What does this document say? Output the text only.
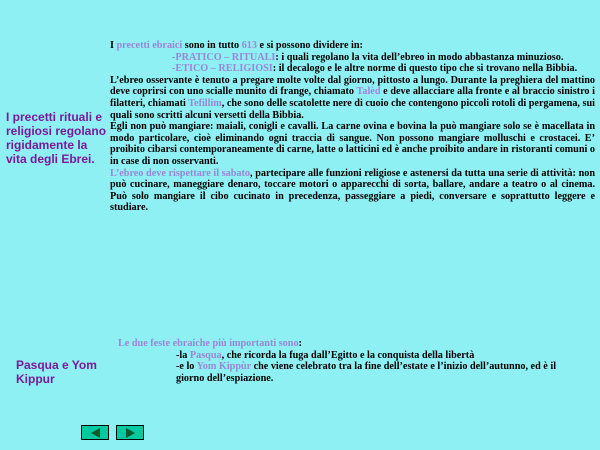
I precetti rituali e religiosi regolano rigidamente la vita degli Ebrei.
Pasqua e Yom Kippur

I precetti ebraici sono in tutto 613 e si possono dividere in:

-PRATICO – RITUALI: i quali regolano la vita dell’ebreo in modo abbastanza minuzioso.
-ETICO – RELIGIOSI: il decalogo e le altre norme di questo tipo che si trovano nella Bibbia.

L’ebreo osservante è tenuto a pregare molte volte dal giorno, pittosto a lungo. Durante la preghiera del mattino deve coprirsi con uno scialle munito di frange, chiamato Talèd e deve allacciare alla fronte e al braccio sinistro i filatteri, chiamati Tefillim, che sono delle scatolette nere di cuoio che contengono piccoli rotoli di pergamena, sui quali sono scritti alcuni versetti della Bibbia.

Egli non può mangiare: maiali, conigli e cavalli. La carne ovina e bovina la può mangiare solo se è macellata in modo particolare, cioè eliminando ogni traccia di sangue. Non possono mangiare molluschi e crostacei. E’ proibito cibarsi contemporaneamente di carne, latte o latticini ed è anche proibito andare in ristoranti comuni o in case di non osservanti.

L’ebreo deve rispettare il sabato, partecipare alle funzioni religiose e astenersi da tutta una serie di attività: non può cucinare, maneggiare denaro, toccare motori o apparecchi di sorta, ballare, andare a teatro o al cinema. Può solo mangiare il cibo cucinato in precedenza, passeggiare a piedi, conversare e soprattutto leggere e studiare.

Le due feste ebraiche più importanti sono:

-la Pasqua, che ricorda la fuga dall’Egitto e la conquista della libertà
-e lo Yom Kippùr che viene celebrato tra la fine dell’estate e l’inizio dell’autunno, ed è il giorno dell’espiazione.
